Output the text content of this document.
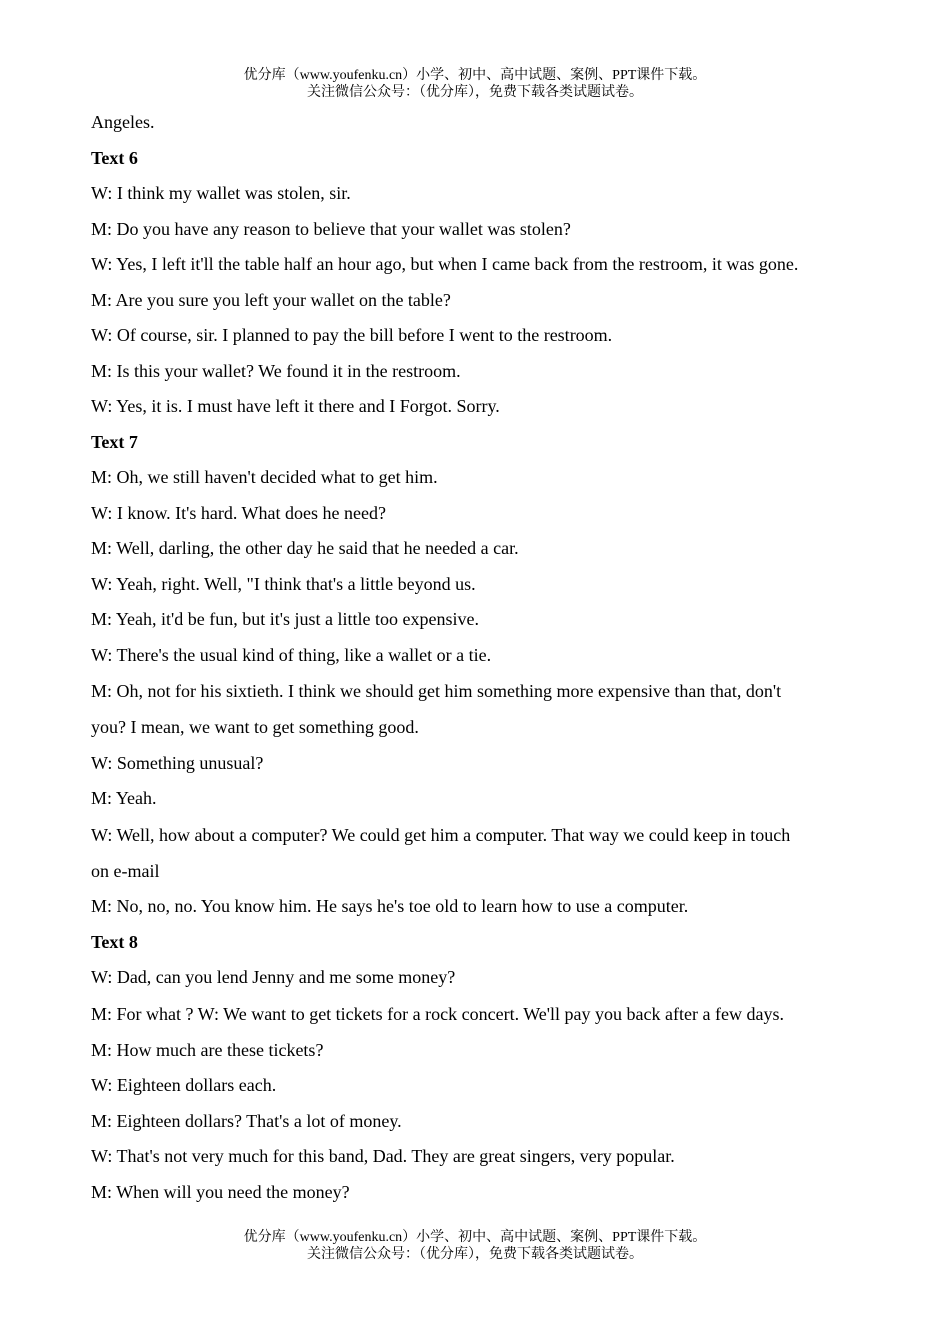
优分库（www.youfenku.cn）小学、初中、高中试题、案例、PPT课件下载。
关注微信公众号：（优分库），免费下载各类试题试卷。
Angeles.
Text 6
W: I think my wallet was stolen, sir.
M: Do you have any reason to believe that your wallet was stolen?
W: Yes, I left it'll the table half an hour ago, but when I came back from the restroom, it was gone.
M: Are you sure you left your wallet on the table?
W: Of course, sir. I planned to pay the bill before I went to the restroom.
M: Is this your wallet? We found it in the restroom.
W: Yes, it is. I must have left it there and I Forgot. Sorry.
Text 7
M: Oh, we still haven't decided what to get him.
W: I know. It's hard. What does he need?
M: Well, darling, the other day he said that he needed a car.
W: Yeah, right. Well, "I think that's a little beyond us.
M: Yeah, it'd be fun, but it's just a little too expensive.
W: There's the usual kind of thing, like a wallet or a tie.
M: Oh, not for his sixtieth. I think we should get him something more expensive than that, don't
you? I mean, we want to get something good.
W: Something unusual?
M: Yeah.
W: Well, how about a computer? We could get him a computer. That way we could keep in touch
on e-mail
M: No, no, no. You know him. He says he's toe old to learn how to use a computer.
Text 8
W: Dad, can you lend Jenny and me some money?
M: For what ? W: We want to get tickets for a rock concert. We'll pay you back after a few days.
M: How much are these tickets?
W: Eighteen dollars each.
M: Eighteen dollars? That's a lot of money.
W: That's not very much for this band, Dad. They are great singers, very popular.
M: When will you need the money?
优分库（www.youfenku.cn）小学、初中、高中试题、案例、PPT课件下载。
关注微信公众号：（优分库），免费下载各类试题试卷。
